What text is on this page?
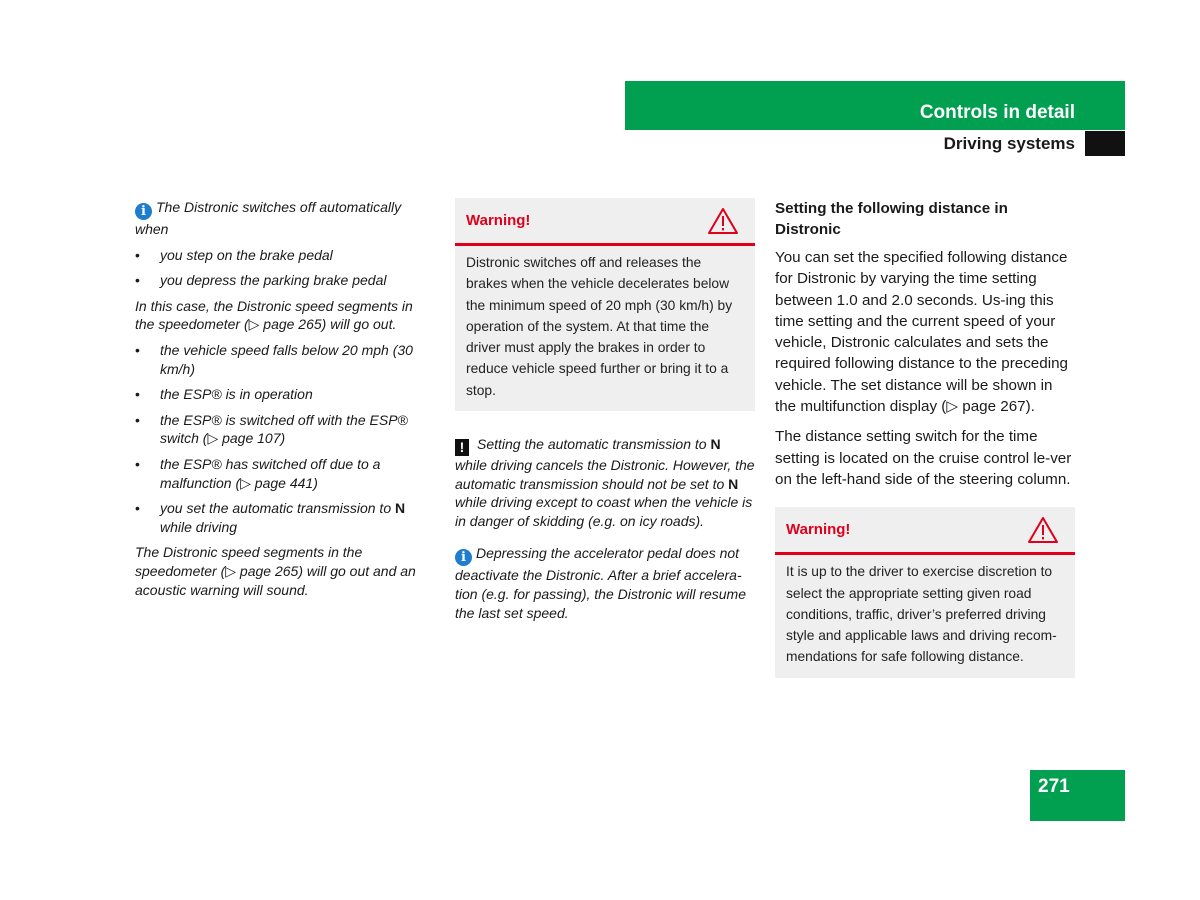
Controls in detail
Driving systems

i The Distronic switches off automatically when

• you step on the brake pedal
• you depress the parking brake pedal

In this case, the Distronic speed segments in the speedometer (▷ page 265) will go out.

• the vehicle speed falls below 20 mph (30 km/h)
• the ESP® is in operation
• the ESP® is switched off with the ESP® switch (▷ page 107)
• the ESP® has switched off due to a malfunction (▷ page 441)
• you set the automatic transmission to N while driving

The Distronic speed segments in the speedometer (▷ page 265) will go out and an acoustic warning will sound.

Warning!
Distronic switches off and releases the brakes when the vehicle decelerates below the minimum speed of 20 mph (30 km/h) by operation of the system. At that time the driver must apply the brakes in order to reduce vehicle speed further or bring it to a stop.

! Setting the automatic transmission to N while driving cancels the Distronic. However, the automatic transmission should not be set to N while driving except to coast when the vehicle is in danger of skidding (e.g. on icy roads).

i Depressing the accelerator pedal does not deactivate the Distronic. After a brief accelera-tion (e.g. for passing), the Distronic will resume the last set speed.

Setting the following distance in Distronic

You can set the specified following distance for Distronic by varying the time setting between 1.0 and 2.0 seconds. Us-ing this time setting and the current speed of your vehicle, Distronic calculates and sets the required following distance to the preceding vehicle. The set distance will be shown in the multifunction display (▷ page 267).

The distance setting switch for the time setting is located on the cruise control le-ver on the left-hand side of the steering column.

Warning!
It is up to the driver to exercise discretion to select the appropriate setting given road conditions, traffic, driver’s preferred driving style and applicable laws and driving recom-mendations for safe following distance.
271
